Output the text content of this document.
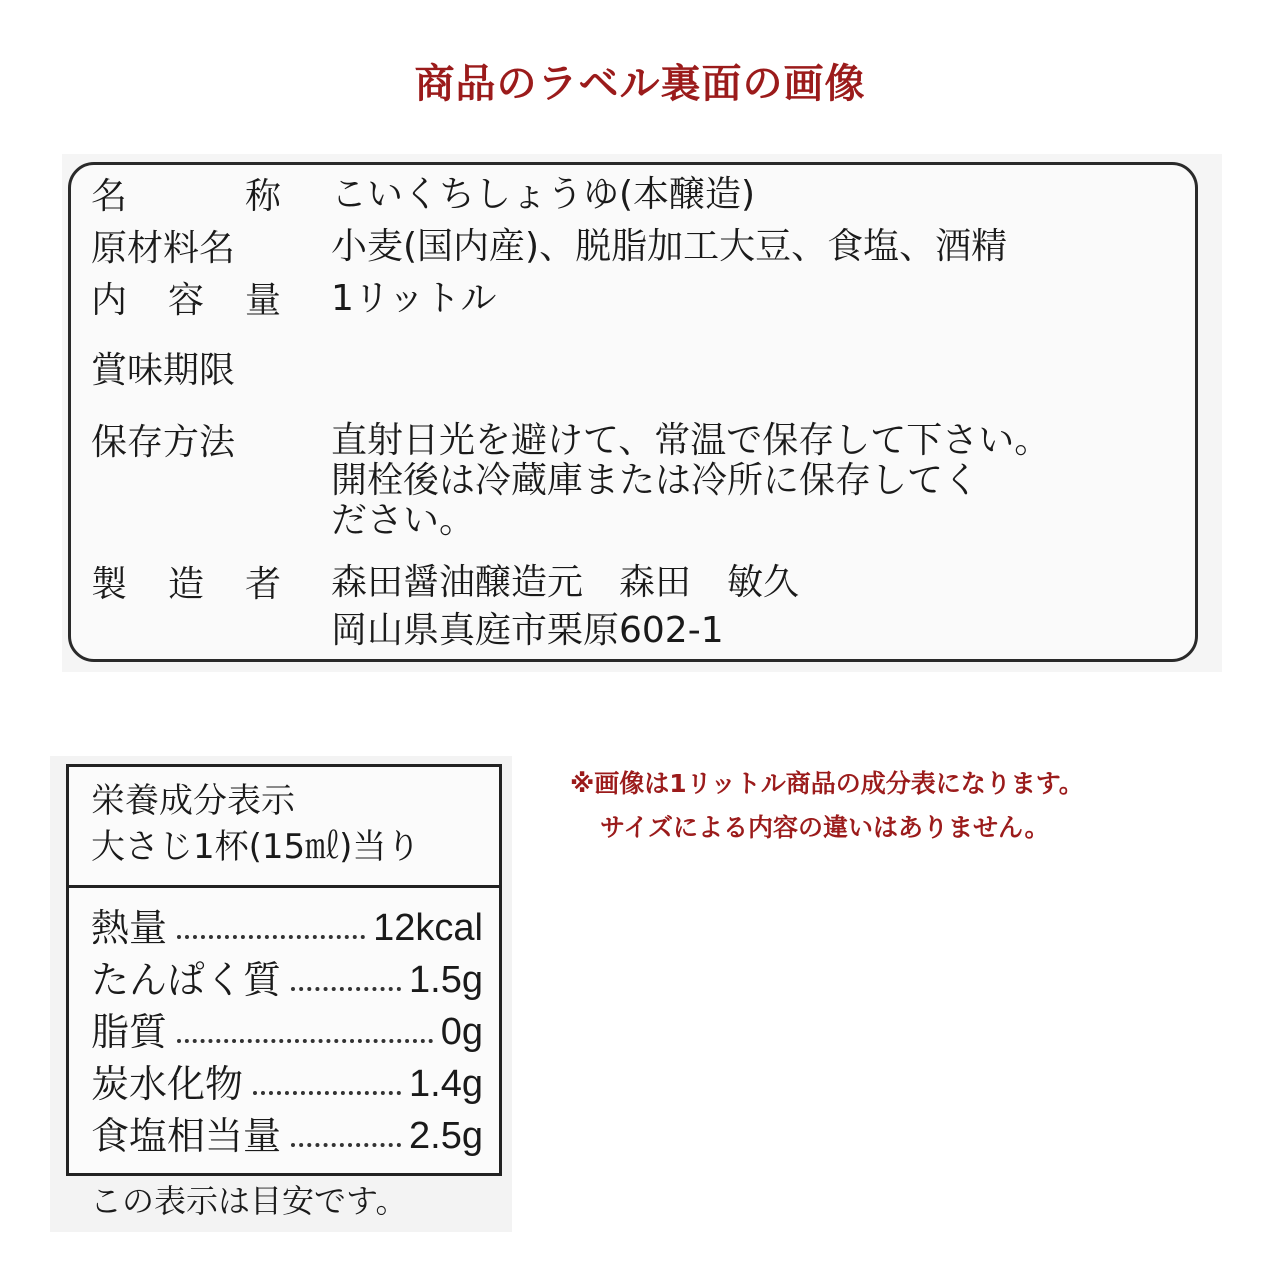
商品のラベル裏面の画像
名	称 こいくちしょうゆ(本醸造)
原材料名	小麦(国内産)、脱脂加工大豆、食塩、酒精
内 容 量 1リットル
賞味期限
保存方法	直射日光を避けて、常温で保存して下さい。
開栓後は冷蔵庫または冷所に保存してく
ださい。
製 造 者 森田醤油醸造元　森田　敏久
岡山県真庭市栗原602-1
栄養成分表示
大さじ1杯(15㎖)当り
熱量	12kcal
たんぱく質	1.5g
脂質	0g
炭水化物	1.4g
食塩相当量	2.5g
この表示は目安です。
※画像は1リットル商品の成分表になります。
サイズによる内容の違いはありません。
